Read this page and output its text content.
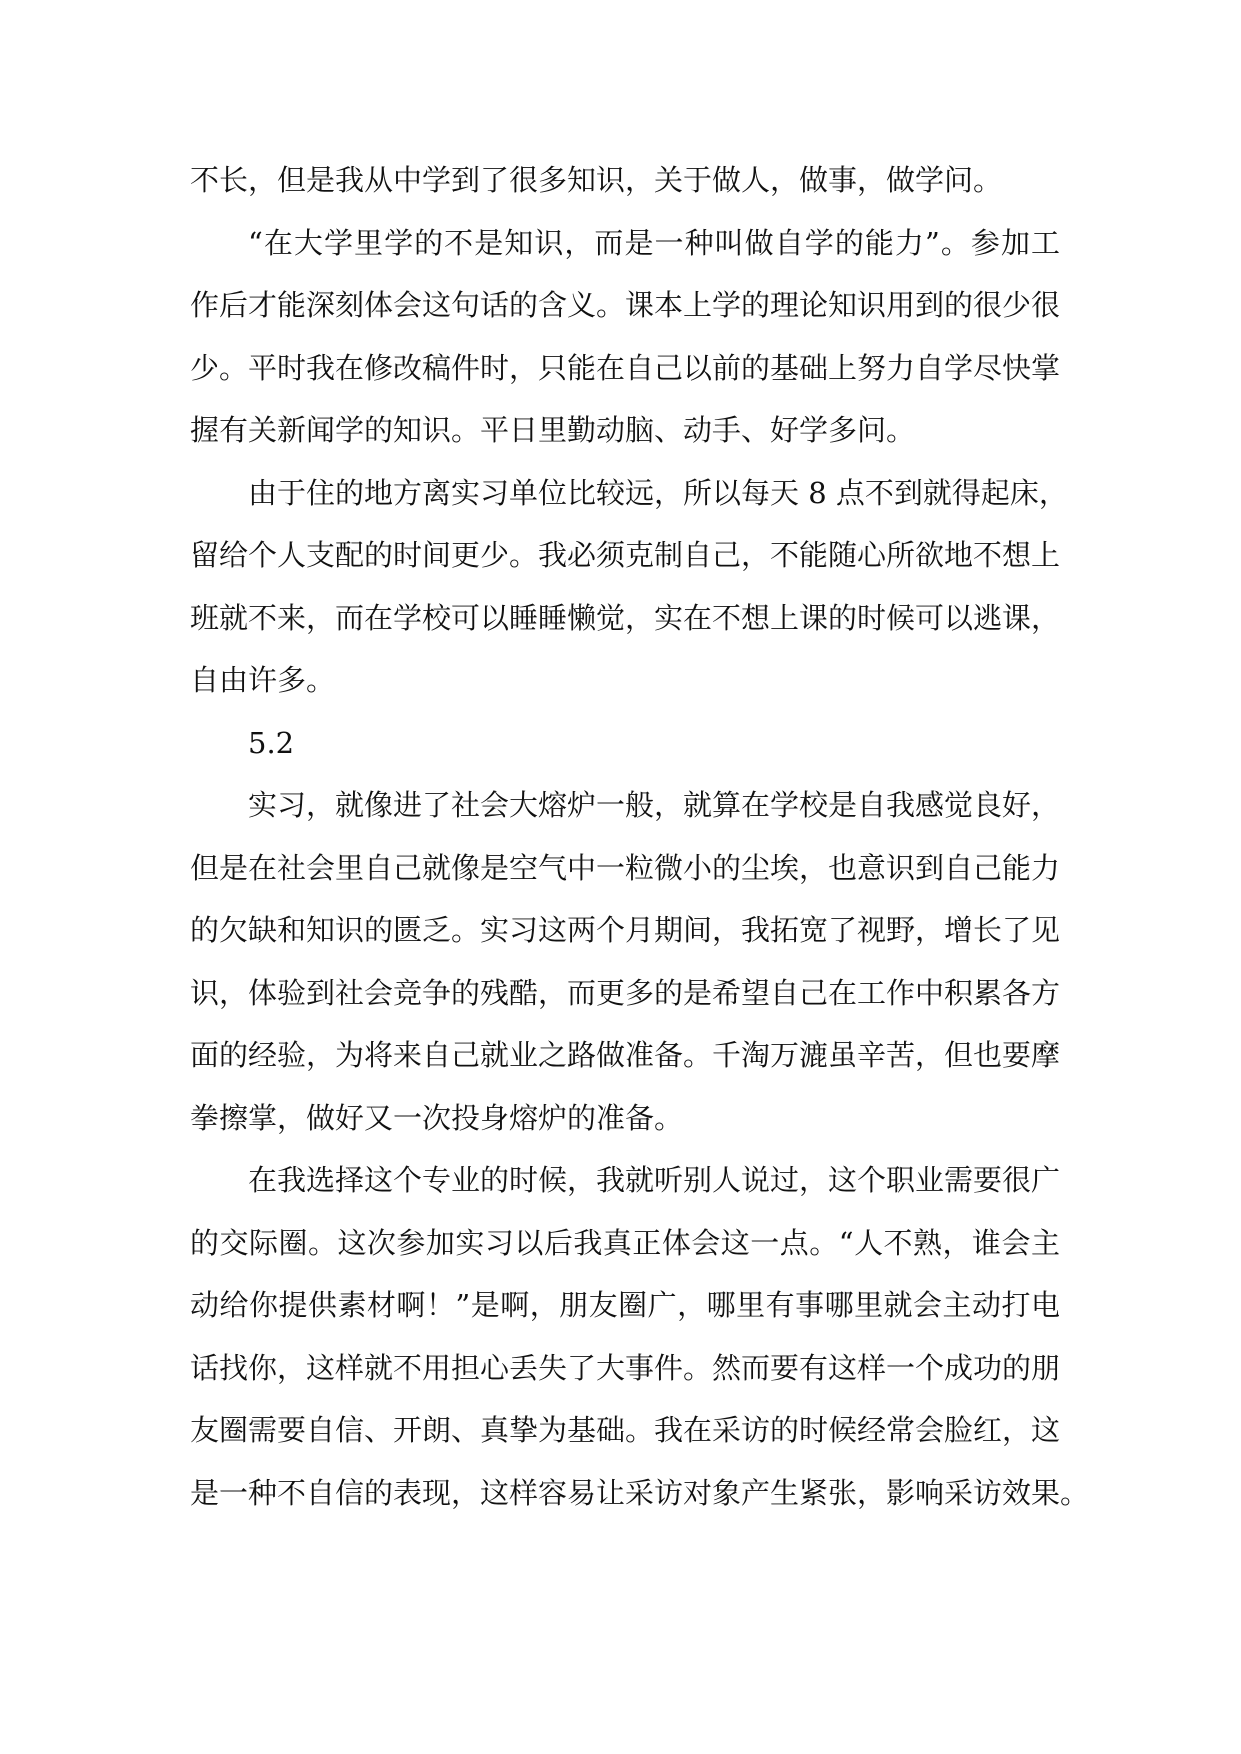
不长，但是我从中学到了很多知识，关于做人，做事，做学问。
“在大学里学的不是知识，而是一种叫做自学的能力”。参加工
作后才能深刻体会这句话的含义。课本上学的理论知识用到的很少很
少。平时我在修改稿件时，只能在自己以前的基础上努力自学尽快掌
握有关新闻学的知识。平日里勤动脑、动手、好学多问。
由于住的地方离实习单位比较远，所以每天 8 点不到就得起床，
留给个人支配的时间更少。我必须克制自己，不能随心所欲地不想上
班就不来，而在学校可以睡睡懒觉，实在不想上课的时候可以逃课，
自由许多。
5.2
实习，就像进了社会大熔炉一般，就算在学校是自我感觉良好，
但是在社会里自己就像是空气中一粒微小的尘埃，也意识到自己能力
的欠缺和知识的匮乏。实习这两个月期间，我拓宽了视野，增长了见
识，体验到社会竞争的残酷，而更多的是希望自己在工作中积累各方
面的经验，为将来自己就业之路做准备。千淘万漉虽辛苦，但也要摩
拳擦掌，做好又一次投身熔炉的准备。
在我选择这个专业的时候，我就听别人说过，这个职业需要很广
的交际圈。这次参加实习以后我真正体会这一点。“人不熟，谁会主
动给你提供素材啊！”是啊，朋友圈广，哪里有事哪里就会主动打电
话找你，这样就不用担心丢失了大事件。然而要有这样一个成功的朋
友圈需要自信、开朗、真挚为基础。我在采访的时候经常会脸红，这
是一种不自信的表现，这样容易让采访对象产生紧张，影响采访效果。
